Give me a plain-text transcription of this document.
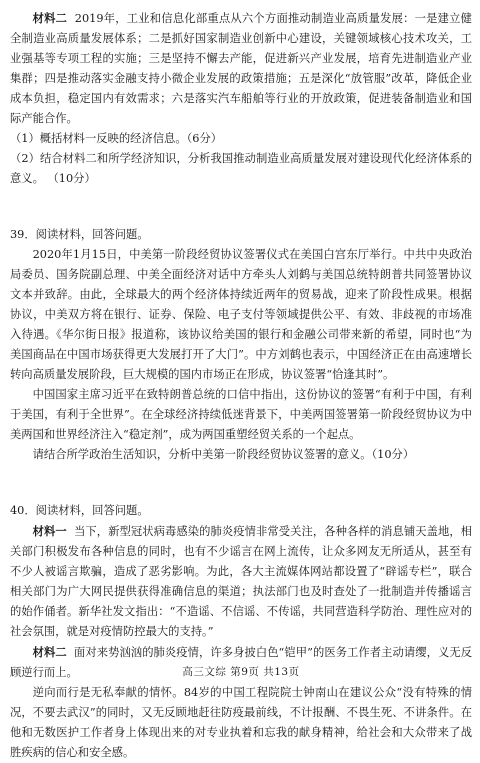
材料二 2019年，工业和信息化部重点从六个方面推动制造业高质量发展：一是建立健全制造业高质量发展体系；二是抓好国家制造业创新中心建设，关键领域核心技术攻关，工业强基等专项工程的实施；三是坚持不懈去产能，促进新兴产业发展，培育先进制造业产业集群；四是推动落实金融支持小微企业发展的政策措施；五是深化“放管服”改革，降低企业成本负担，稳定国内有效需求；六是落实汽车船舶等行业的开放政策，促进装备制造业和国际产能合作。

（1）概括材料一反映的经济信息。（6分）

（2）结合材料二和所学经济知识，分析我国推动制造业高质量发展对建设现代化经济体系的意义。 （10分）

39．阅读材料，回答问题。

2020年1月15日，中美第一阶段经贸协议签署仪式在美国白宫东厅举行。中共中央政治局委员、国务院副总理、中美全面经济对话中方牵头人刘鹤与美国总统特朗普共同签署协议文本并致辞。由此，全球最大的两个经济体持续近两年的贸易战，迎来了阶段性成果。根据协议，中美双方将在银行、证券、保险、电子支付等领域提供公平、有效、非歧视的市场准入待遇。《华尔街日报》报道称，该协议给美国的银行和金融公司带来新的希望，同时也“为美国商品在中国市场获得更大发展打开了大门”。中方刘鹤也表示，中国经济正在由高速增长转向高质量发展阶段，巨大规模的国内市场正在形成，协议签署“恰逢其时”。

中国国家主席习近平在致特朗普总统的口信中指出，这份协议的签署“有利于中国，有利于美国，有利于全世界”。在全球经济持续低迷背景下，中美两国签署第一阶段经贸协议为中美两国和世界经济注入“稳定剂”，成为两国重塑经贸关系的一个起点。

请结合所学政治生活知识，分析中美第一阶段经贸协议签署的意义。（10分）

40．阅读材料，回答问题。

材料一 当下，新型冠状病毒感染的肺炎疫情非常受关注，各种各样的消息铺天盖地，相关部门积极发布各种信息的同时，也有不少谣言在网上流传，让众多网友无所适从，甚至有不少人被谣言欺骗，造成了恶劣影响。为此，各大主流媒体网站都设置了“辟谣专栏”，联合相关部门为广大网民提供获得准确信息的渠道；执法部门也及时查处了一批制造并传播谣言的始作俑者。新华社发文指出：“不造谣、不信谣、不传谣，共同营造科学防治、理性应对的社会氛围，就是对疫情防控最大的支持。”

材料二 面对来势汹汹的肺炎疫情，许多身披白色“铠甲”的医务工作者主动请缨，义无反顾逆行而上。

逆向而行是无私奉献的情怀。84岁的中国工程院院士钟南山在建议公众“没有特殊的情况，不要去武汉”的同时，又无反顾地赶往防疫最前线，不计报酬、不畏生死、不讲条件。在他和无数医护工作者身上体现出来的对专业执着和忘我的献身精神，给社会和大众带来了战胜疾病的信心和安全感。

高三文综 第9页 共13页
